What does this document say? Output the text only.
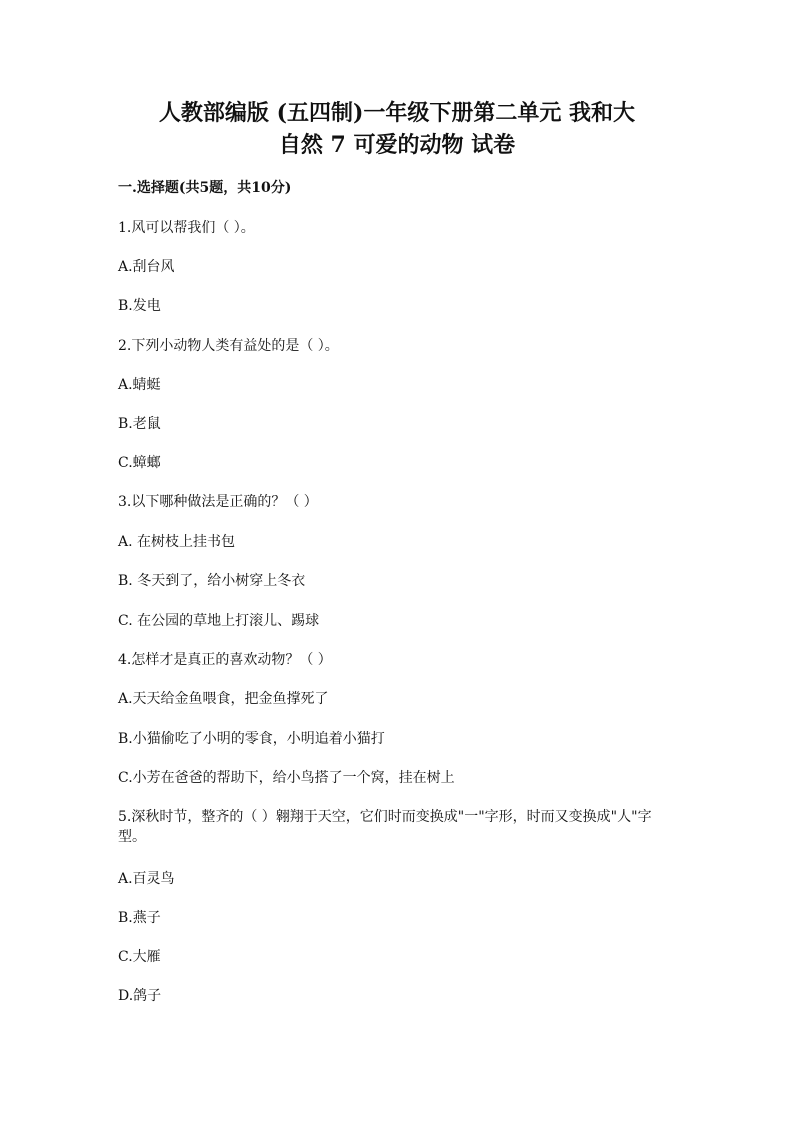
人教部编版 (五四制)一年级下册第二单元 我和大
自然 7 可爱的动物 试卷
一.选择题(共5题，共10分)
1.风可以帮我们（ ）。
A.刮台风
B.发电
2.下列小动物人类有益处的是（ ）。
A.蜻蜓
B.老鼠
C.蟑螂
3.以下哪种做法是正确的？（ ）
A. 在树枝上挂书包
B. 冬天到了，给小树穿上冬衣
C. 在公园的草地上打滚儿、踢球
4.怎样才是真正的喜欢动物？（ ）
A.天天给金鱼喂食，把金鱼撑死了
B.小猫偷吃了小明的零食，小明追着小猫打
C.小芳在爸爸的帮助下，给小鸟搭了一个窝，挂在树上
5.深秋时节，整齐的（ ）翱翔于天空，它们时而变换成"一"字形，时而又变换成"人"字型。
A.百灵鸟
B.燕子
C.大雁
D.鸽子
